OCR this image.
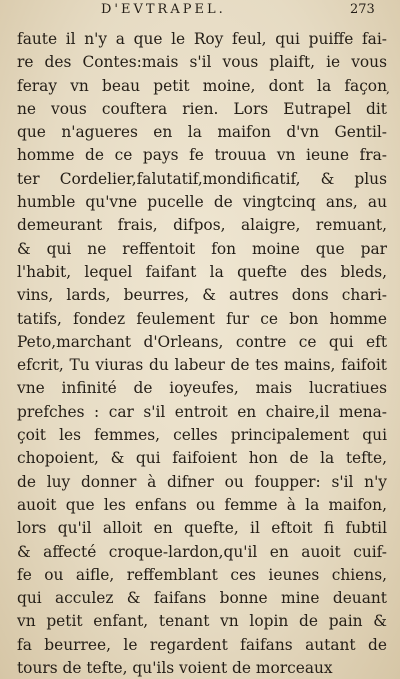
D'EVTRAPEL.	273
,
faute il n'y a que le Roy feul, qui puiffe fai-
re des Contes:mais s'il vous plaift, ie vous
feray vn beau petit moine, dont la façon
ne vous couftera rien. Lors Eutrapel dit
que n'agueres en la maifon d'vn Gentil-
homme de ce pays fe trouua vn ieune fra-
ter Cordelier,falutatif,mondificatif, & plus
humble qu'vne pucelle de vingtcinq ans, au
demeurant frais, difpos, alaigre, remuant,
& qui ne reffentoit fon moine que par
l'habit, lequel faifant la quefte des bleds,
vins, lards, beurres, & autres dons chari-
tatifs, fondez feulement fur ce bon homme
Peto,marchant d'Orleans, contre ce qui eft
efcrit, Tu viuras du labeur de tes mains, faifoit
vne infinité de ioyeufes, mais lucratiues
prefches : car s'il entroit en chaire,il mena-
çoit les femmes, celles principalement qui
chopoient, & qui faifoient hon de la tefte,
de luy donner à difner ou foupper: s'il n'y
auoit que les enfans ou femme à la maifon,
lors qu'il alloit en quefte, il eftoit fi fubtil
& affecté croque-lardon,qu'il en auoit cuif-
fe ou aifle, reffemblant ces ieunes chiens,
qui acculez & faifans bonne mine deuant
vn petit enfant, tenant vn lopin de pain &
fa beurree, le regardent faifans autant de
tours de tefte, qu'ils voient de morceaux
